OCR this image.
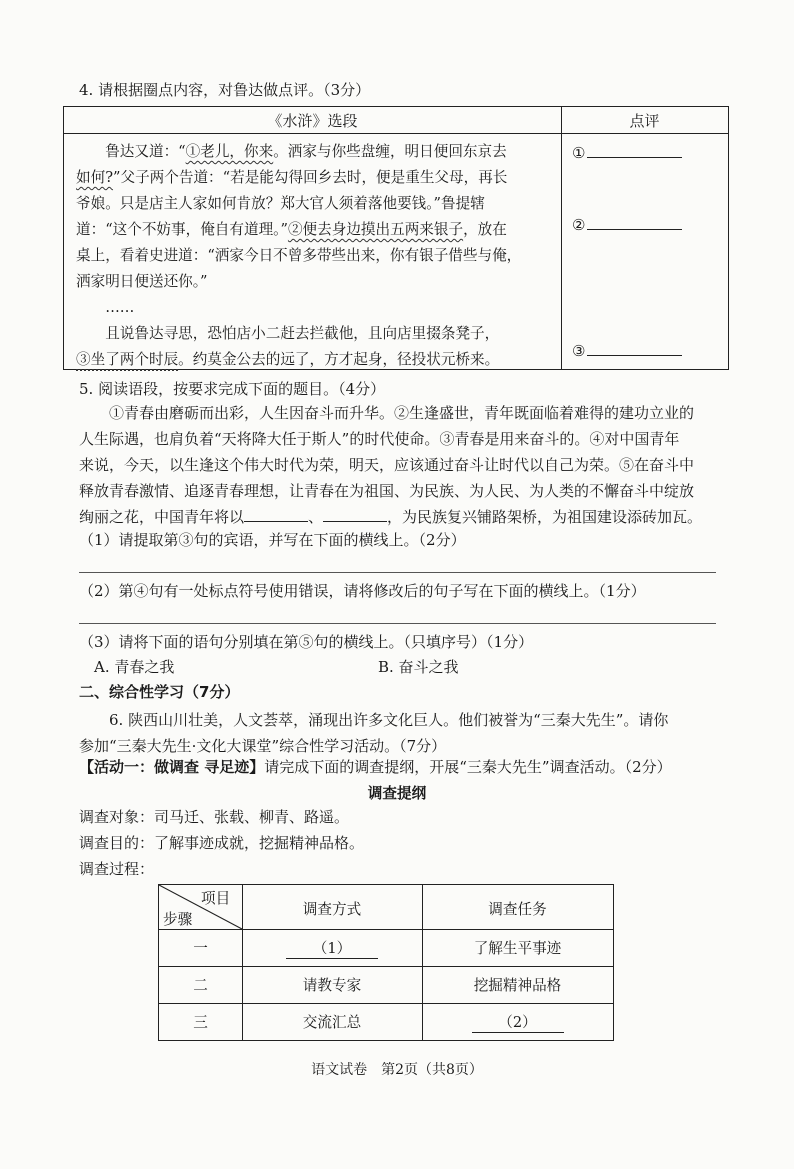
4. 请根据圈点内容，对鲁达做点评。（3分）
《水浒》选段	点评
鲁达又道：“①老儿，你来。洒家与你些盘缠，明日便回东京去
如何?”父子两个告道：“若是能勾得回乡去时，便是重生父母，再长
爷娘。只是店主人家如何肯放？郑大官人须着落他要钱。”鲁提辖
道：“这个不妨事，俺自有道理。”②便去身边摸出五两来银子，放在
桌上，看着史进道：“洒家今日不曾多带些出来，你有银子借些与俺，
洒家明日便送还你。”
……
且说鲁达寻思，恐怕店小二赶去拦截他，且向店里掇条凳子，
③坐了两个时辰。约莫金公去的远了，方才起身，径投状元桥来。
①
②
③
5. 阅读语段，按要求完成下面的题目。（4分）
①青春由磨砺而出彩，人生因奋斗而升华。②生逢盛世，青年既面临着难得的建功立业的
人生际遇，也肩负着“天将降大任于斯人”的时代使命。③青春是用来奋斗的。④对中国青年
来说，今天，以生逢这个伟大时代为荣，明天，应该通过奋斗让时代以自己为荣。⑤在奋斗中
释放青春激情、追逐青春理想，让青春在为祖国、为民族、为人民、为人类的不懈奋斗中绽放
绚丽之花，中国青年将以	、	，为民族复兴铺路架桥，为祖国建设添砖加瓦。
（1）请提取第③句的宾语，并写在下面的横线上。（2分）
（2）第④句有一处标点符号使用错误，请将修改后的句子写在下面的横线上。（1分）
（3）请将下面的语句分别填在第⑤句的横线上。（只填序号）（1分）
A. 青春之我	B. 奋斗之我
二、综合性学习（7分）
6. 陕西山川壮美，人文荟萃，涌现出许多文化巨人。他们被誉为“三秦大先生”。请你
参加“三秦大先生·文化大课堂”综合性学习活动。（7分）
【活动一：做调查 寻足迹】请完成下面的调查提纲，开展“三秦大先生”调查活动。（2分）
调查提纲
调查对象：司马迁、张载、柳青、路遥。
调查目的：了解事迹成就，挖掘精神品格。
调查过程：
项目
步骤
调查方式	调查任务
一	（1）	了解生平事迹
二	请教专家	挖掘精神品格
三	交流汇总	（2）
语文试卷　第2页（共8页）
